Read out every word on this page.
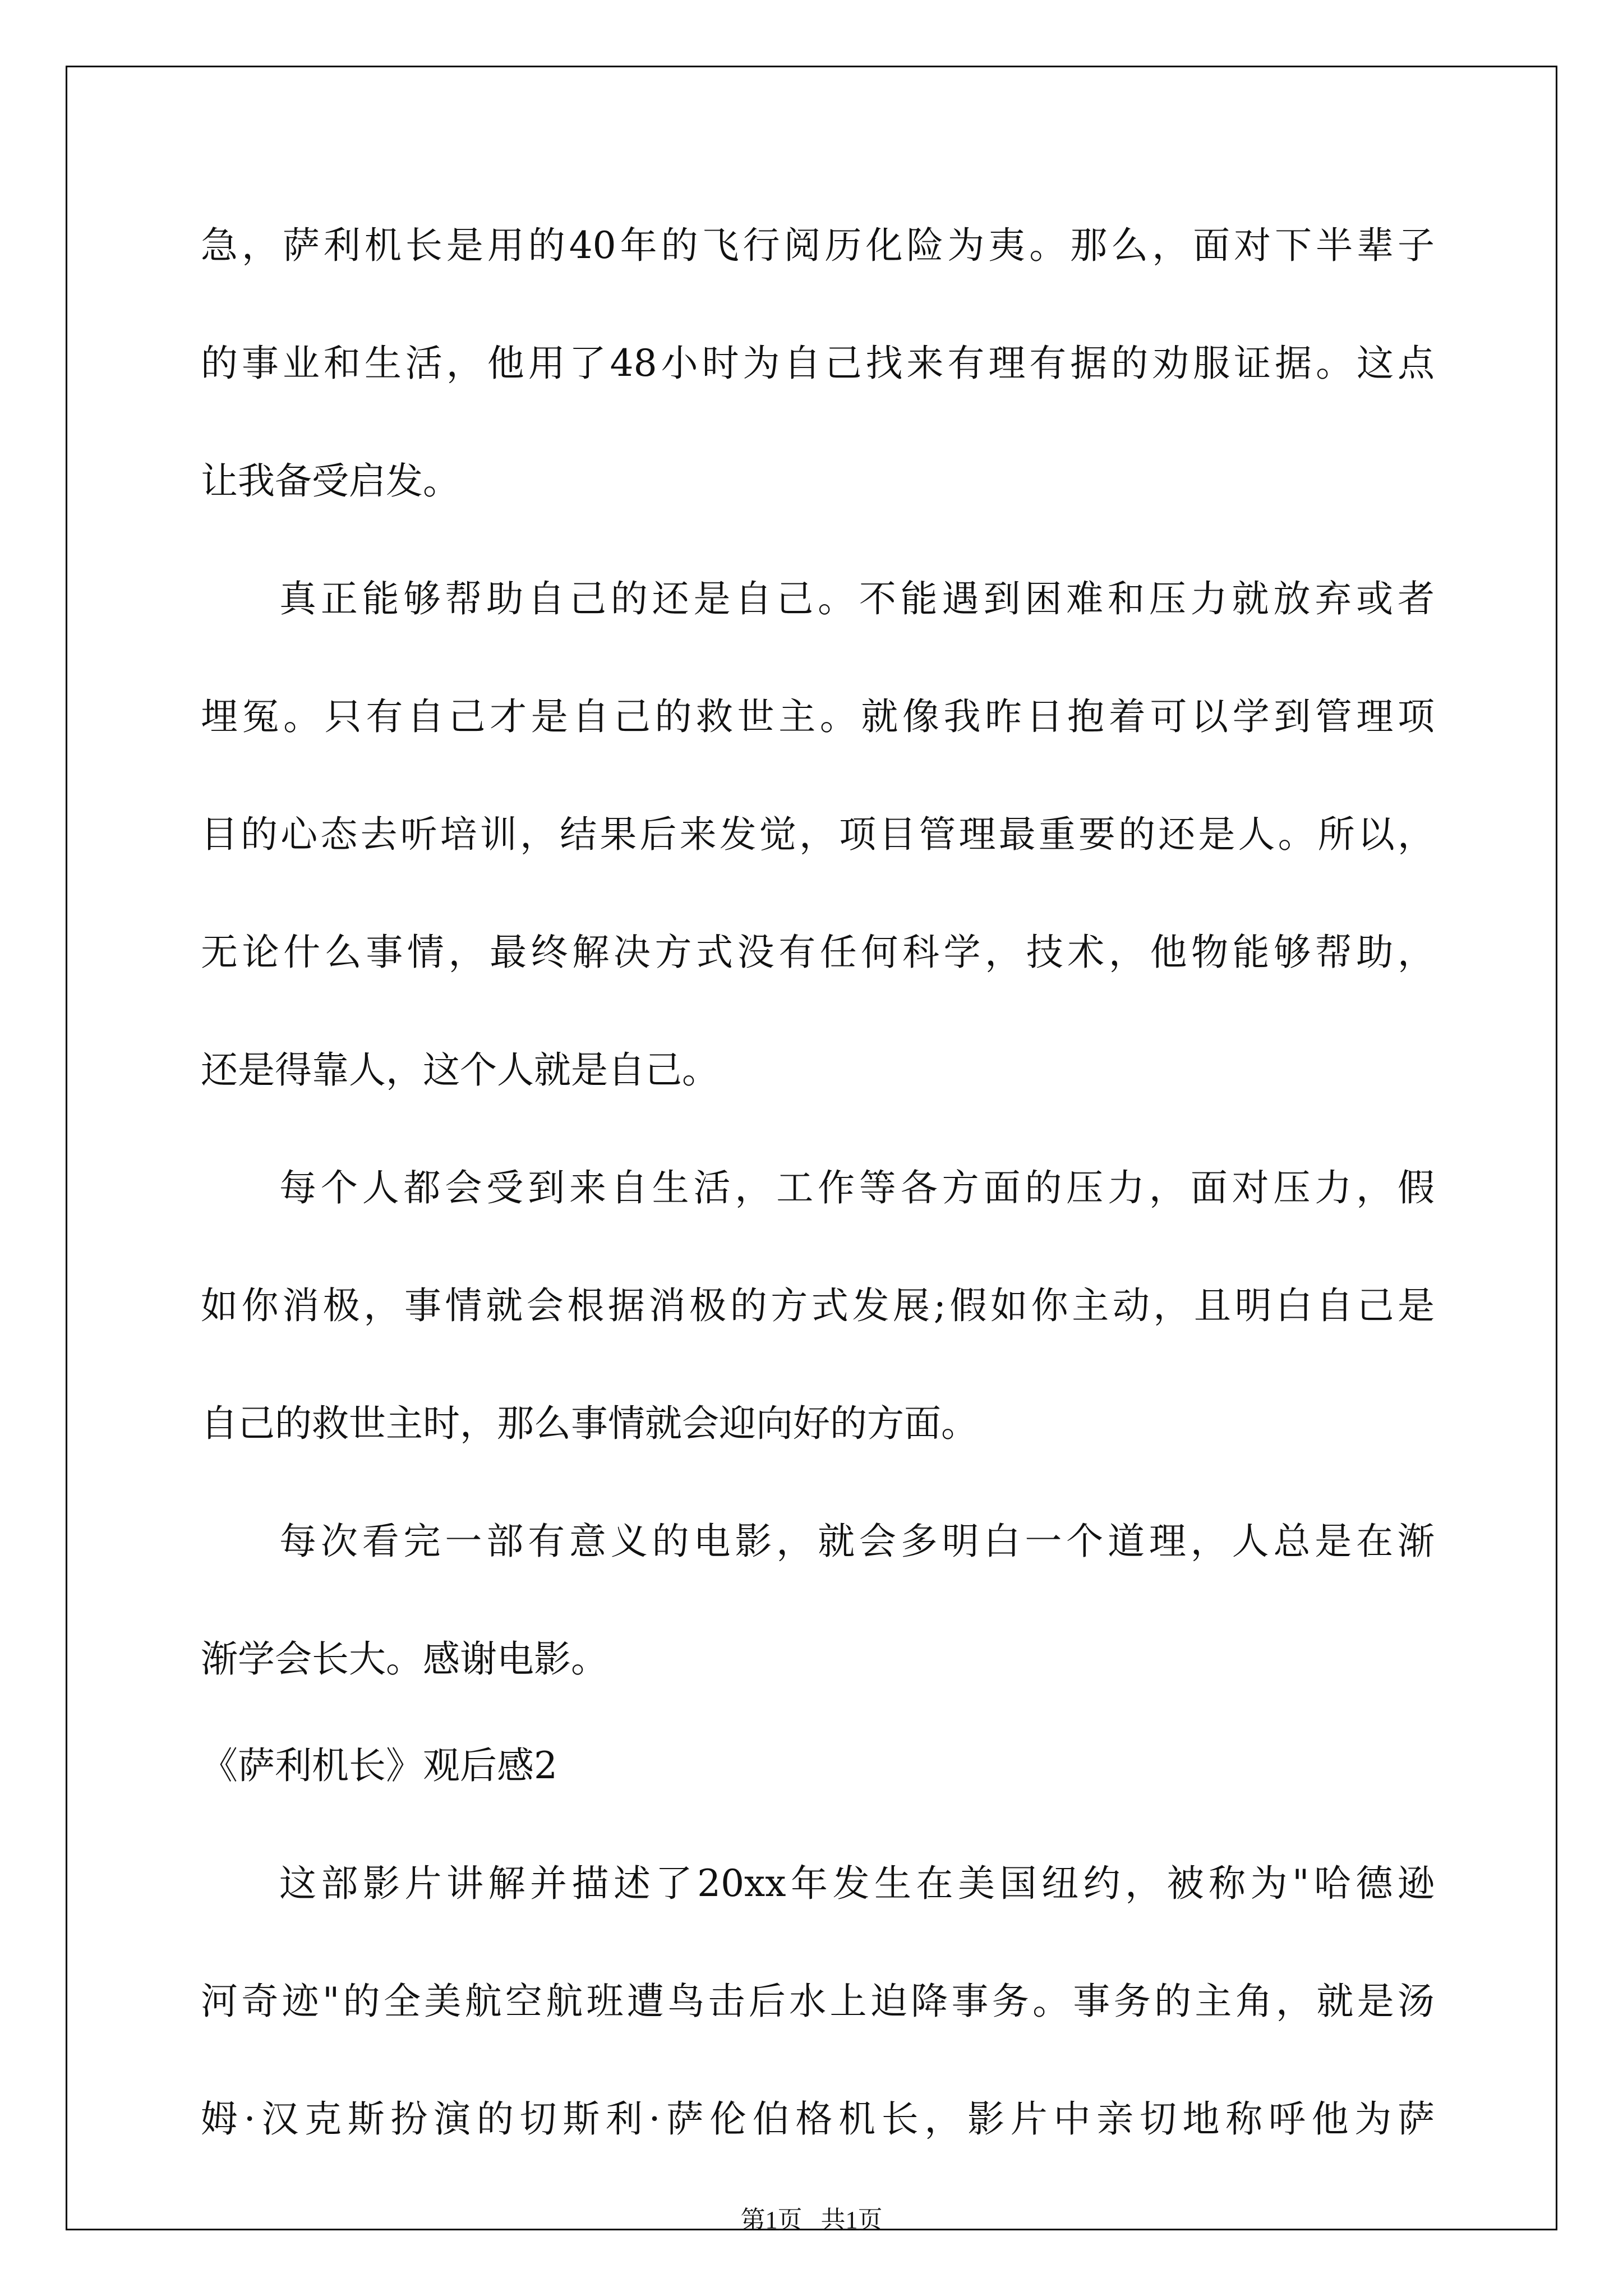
急，萨利机长是用的40年的飞行阅历化险为夷。那么，面对下半辈子
的事业和生活，他用了48小时为自己找来有理有据的劝服证据。这点
让我备受启发。
真正能够帮助自己的还是自己。不能遇到困难和压力就放弃或者
埋冤。只有自己才是自己的救世主。就像我昨日抱着可以学到管理项
目的心态去听培训，结果后来发觉，项目管理最重要的还是人。所以，
无论什么事情，最终解决方式没有任何科学，技术，他物能够帮助，
还是得靠人，这个人就是自己。
每个人都会受到来自生活，工作等各方面的压力，面对压力，假
如你消极，事情就会根据消极的方式发展;假如你主动，且明白自己是
自己的救世主时，那么事情就会迎向好的方面。
每次看完一部有意义的电影，就会多明白一个道理，人总是在渐
渐学会长大。感谢电影。
《萨利机长》观后感2
这部影片讲解并描述了20xx年发生在美国纽约，被称为"哈德逊
河奇迹"的全美航空航班遭鸟击后水上迫降事务。事务的主角，就是汤
姆·汉克斯扮演的切斯利·萨伦伯格机长，影片中亲切地称呼他为萨
第1页   共1页
